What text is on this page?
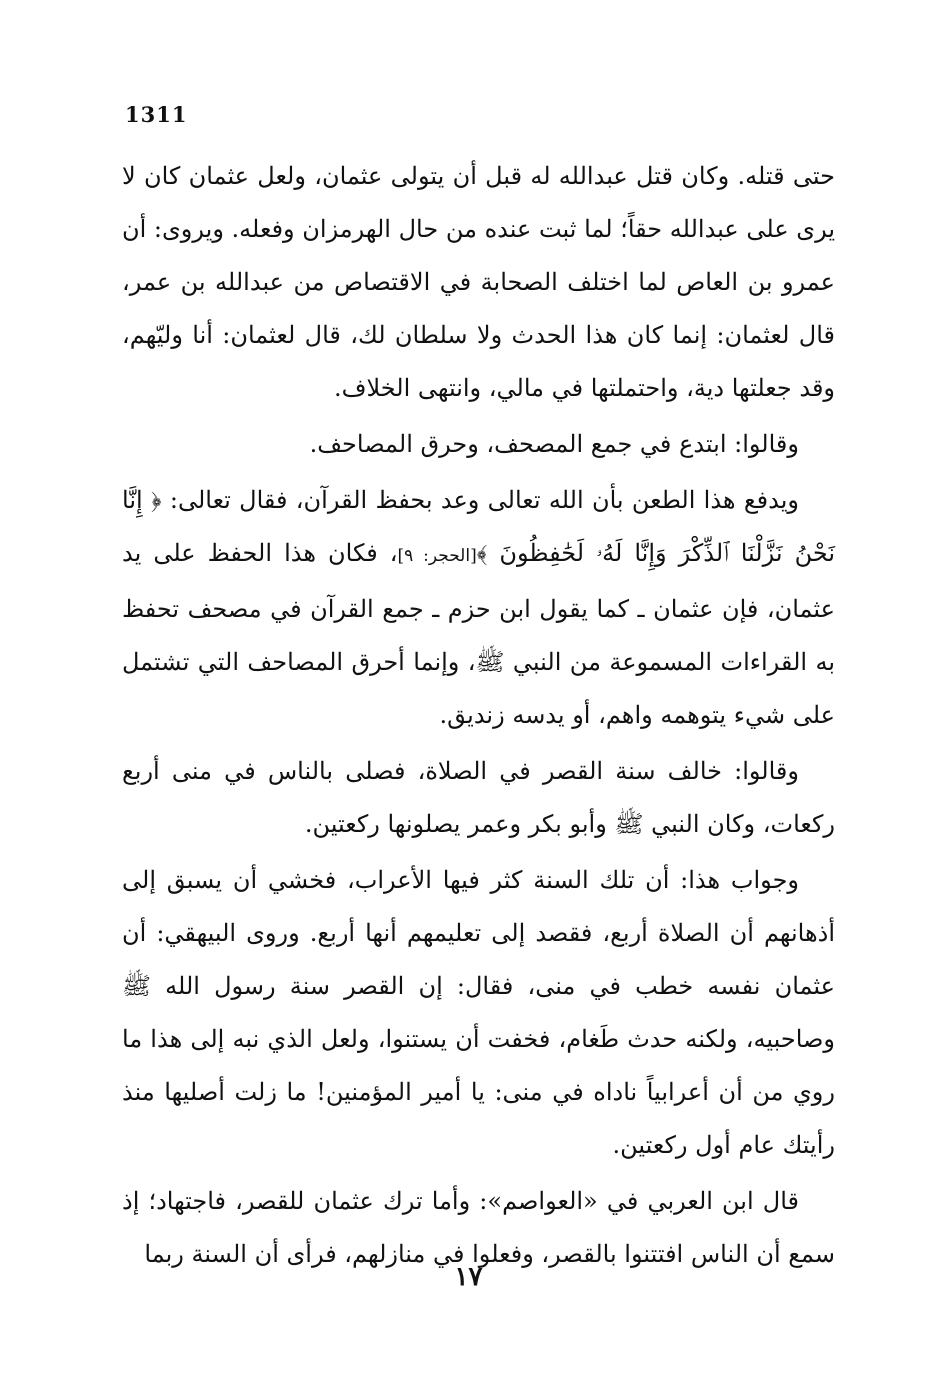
1311

حتى قتله. وكان قتل عبدالله له قبل أن يتولى عثمان، ولعل عثمان كان لا يرى على عبدالله حقاً؛ لما ثبت عنده من حال الهرمزان وفعله. ويروى: أن عمرو بن العاص لما اختلف الصحابة في الاقتصاص من عبدالله بن عمر، قال لعثمان: إنما كان هذا الحدث ولا سلطان لك، قال لعثمان: أنا وليّهم، وقد جعلتها دية، واحتملتها في مالي، وانتهى الخلاف.

وقالوا: ابتدع في جمع المصحف، وحرق المصاحف.

ويدفع هذا الطعن بأن الله تعالى وعد بحفظ القرآن، فقال تعالى: ﴿ إِنَّا نَحْنُ نَزَّلْنَا ٱلذِّكْرَ وَإِنَّا لَهُۥ لَحَٰفِظُونَ ﴾[الحجر: ٩]، فكان هذا الحفظ على يد عثمان، فإن عثمان ـ كما يقول ابن حزم ـ جمع القرآن في مصحف تحفظ به القراءات المسموعة من النبي ﷺ، وإنما أحرق المصاحف التي تشتمل على شيء يتوهمه واهم، أو يدسه زنديق.

وقالوا: خالف سنة القصر في الصلاة، فصلى بالناس في منى أربع ركعات، وكان النبي ﷺ وأبو بكر وعمر يصلونها ركعتين.

وجواب هذا: أن تلك السنة كثر فيها الأعراب، فخشي أن يسبق إلى أذهانهم أن الصلاة أربع، فقصد إلى تعليمهم أنها أربع. وروى البيهقي: أن عثمان نفسه خطب في منى، فقال: إن القصر سنة رسول الله ﷺ وصاحبيه، ولكنه حدث طَغام، فخفت أن يستنوا، ولعل الذي نبه إلى هذا ما روي من أن أعرابياً ناداه في منى: يا أمير المؤمنين! ما زلت أصليها منذ رأيتك عام أول ركعتين.

قال ابن العربي في «العواصم»: وأما ترك عثمان للقصر، فاجتهاد؛ إذ سمع أن الناس افتتنوا بالقصر، وفعلوا في منازلهم، فرأى أن السنة ربما

١٧
